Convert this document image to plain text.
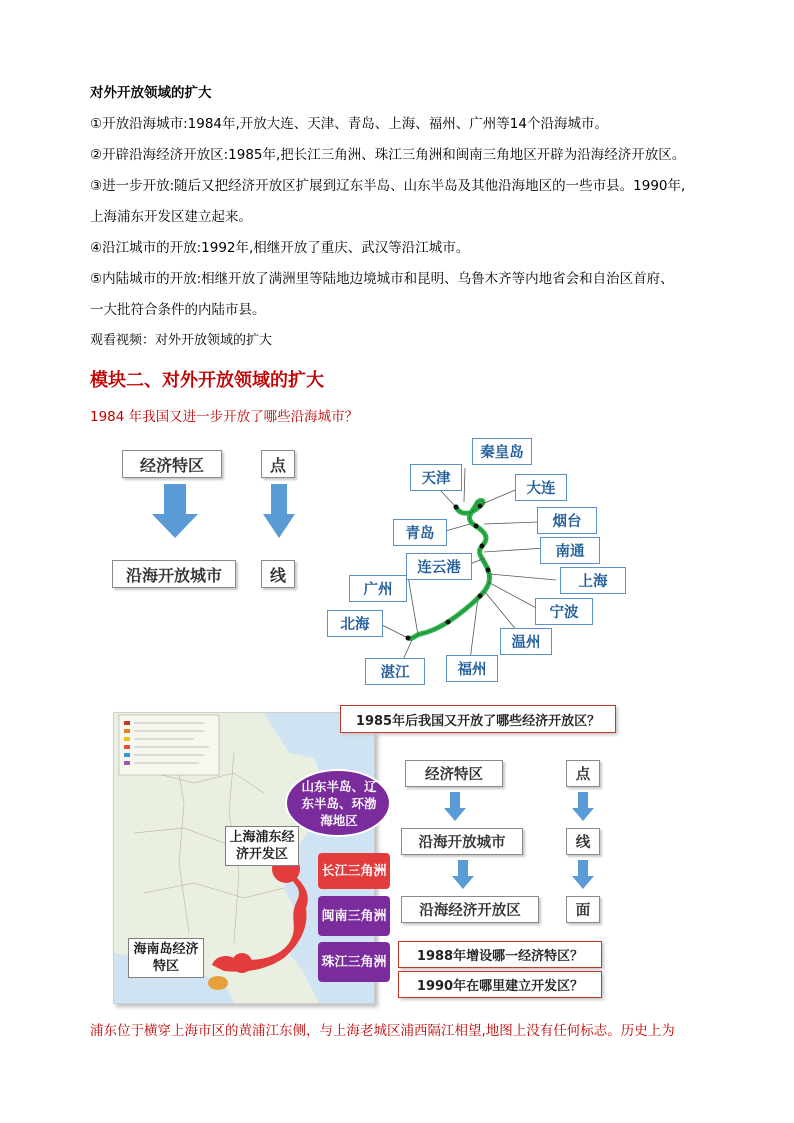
对外开放领域的扩大
①开放沿海城市:1984年,开放大连、天津、青岛、上海、福州、广州等14个沿海城市。
②开辟沿海经济开放区:1985年,把长江三角洲、珠江三角洲和闽南三角地区开辟为沿海经济开放区。
③进一步开放:随后又把经济开放区扩展到辽东半岛、山东半岛及其他沿海地区的一些市县。1990年,
上海浦东开发区建立起来。
④沿江城市的开放:1992年,相继开放了重庆、武汉等沿江城市。
⑤内陆城市的开放:相继开放了满洲里等陆地边境城市和昆明、乌鲁木齐等内地省会和自治区首府、
一大批符合条件的内陆市县。
观看视频：对外开放领域的扩大
模块二、对外开放领域的扩大
1984 年我国又进一步开放了哪些沿海城市？
经济特区	点
沿海开放城市	线
秦皇岛
天津
大连
烟台
青岛
南通
连云港
上海
广州
宁波
北海
温州
湛江	福州
山东半岛、辽东半岛、环渤海地区
上海浦东经济开发区
长江三角洲
闽南三角洲
珠江三角洲
海南岛经济特区
1985年后我国又开放了哪些经济开放区？
经济特区	点
沿海开放城市	线
沿海经济开放区	面
1988年增设哪一经济特区？
1990年在哪里建立开发区？
浦东位于横穿上海市区的黄浦江东侧，与上海老城区浦西隔江相望,地图上没有任何标志。历史上为
